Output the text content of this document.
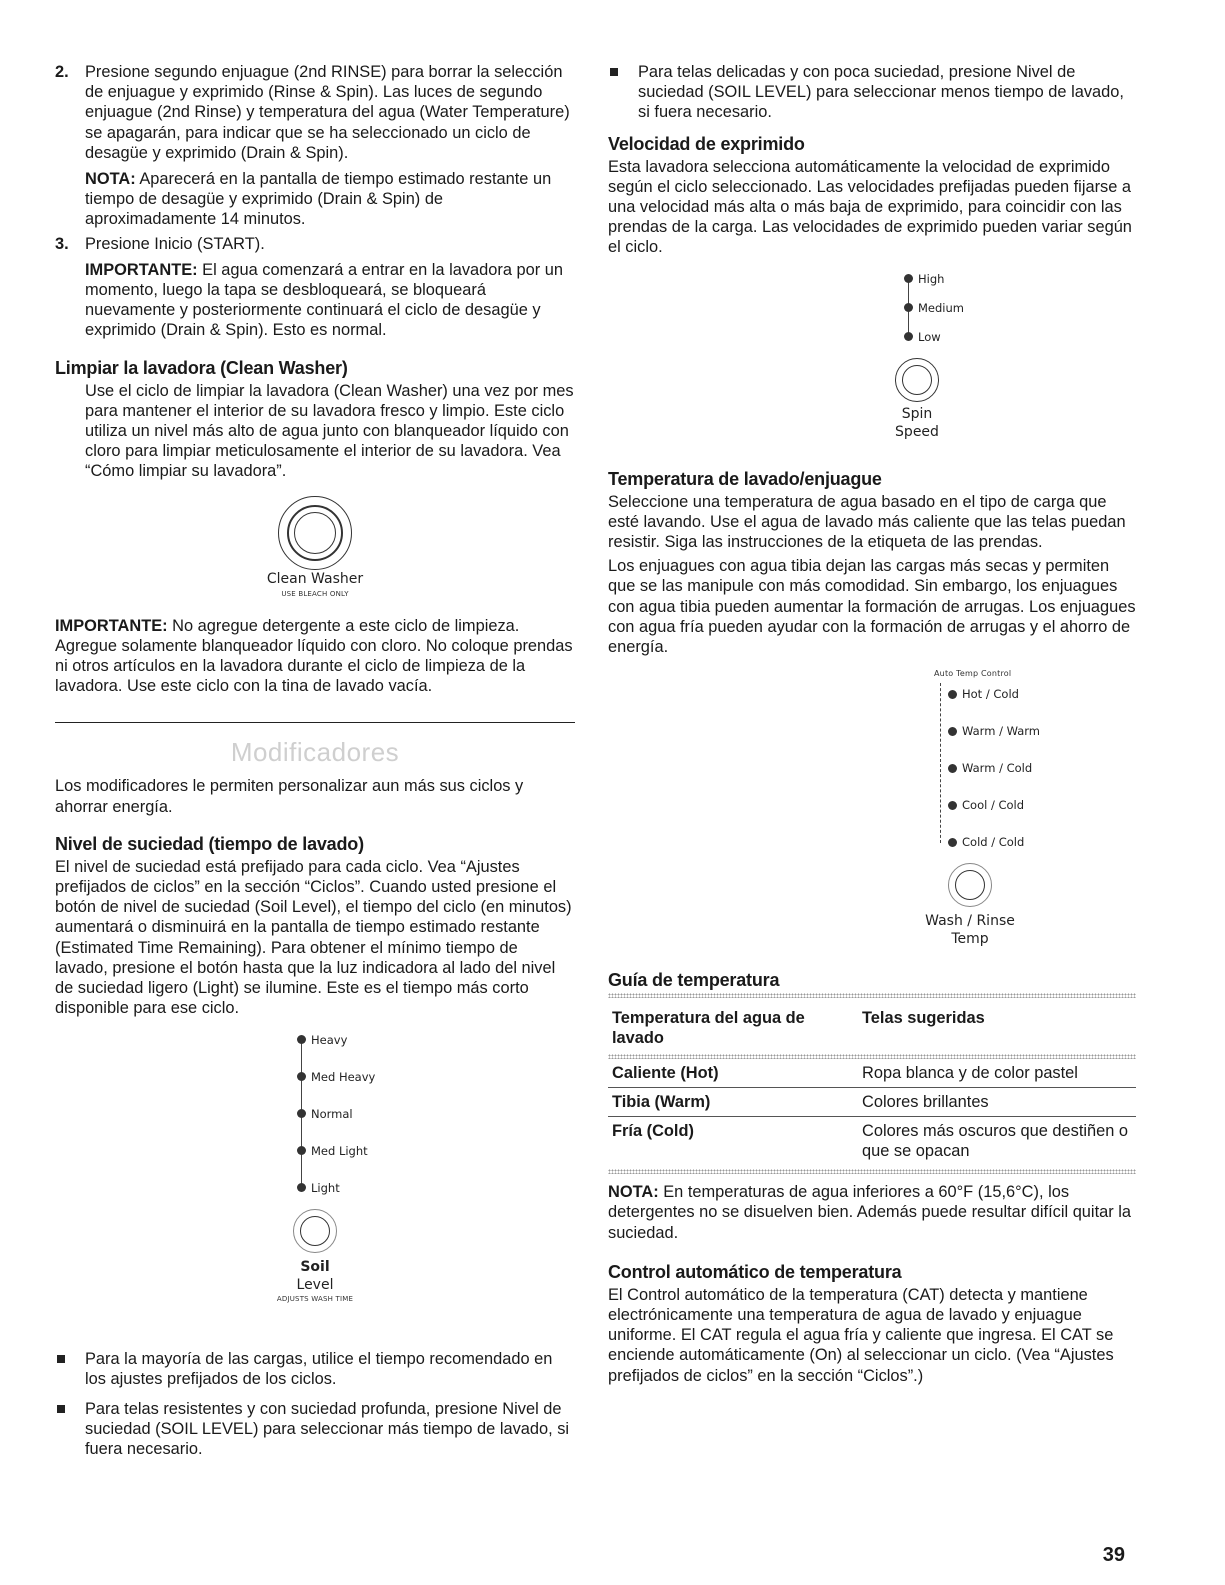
2. Presione segundo enjuague (2nd RINSE) para borrar la selección de enjuague y exprimido (Rinse & Spin). Las luces de segundo enjuague (2nd Rinse) y temperatura del agua (Water Temperature) se apagarán, para indicar que se ha seleccionado un ciclo de desagüe y exprimido (Drain & Spin).

NOTA: Aparecerá en la pantalla de tiempo estimado restante un tiempo de desagüe y exprimido (Drain & Spin) de aproximadamente 14 minutos.

3. Presione Inicio (START).

IMPORTANTE: El agua comenzará a entrar en la lavadora por un momento, luego la tapa se desbloqueará, se bloqueará nuevamente y posteriormente continuará el ciclo de desagüe y exprimido (Drain & Spin). Esto es normal.

Limpiar la lavadora (Clean Washer)

Use el ciclo de limpiar la lavadora (Clean Washer) una vez por mes para mantener el interior de su lavadora fresco y limpio. Este ciclo utiliza un nivel más alto de agua junto con blanqueador líquido con cloro para limpiar meticulosamente el interior de su lavadora. Vea “Cómo limpiar su lavadora”.

Clean Washer
USE BLEACH ONLY

IMPORTANTE: No agregue detergente a este ciclo de limpieza. Agregue solamente blanqueador líquido con cloro. No coloque prendas ni otros artículos en la lavadora durante el ciclo de limpieza de la lavadora. Use este ciclo con la tina de lavado vacía.

Modificadores

Los modificadores le permiten personalizar aun más sus ciclos y ahorrar energía.

Nivel de suciedad (tiempo de lavado)

El nivel de suciedad está prefijado para cada ciclo. Vea “Ajustes prefijados de ciclos” en la sección “Ciclos”. Cuando usted presione el botón de nivel de suciedad (Soil Level), el tiempo del ciclo (en minutos) aumentará o disminuirá en la pantalla de tiempo estimado restante (Estimated Time Remaining). Para obtener el mínimo tiempo de lavado, presione el botón hasta que la luz indicadora al lado del nivel de suciedad ligero (Light) se ilumine. Este es el tiempo más corto disponible para ese ciclo.

Heavy
Med Heavy
Normal
Med Light
Light
Soil
Level
ADJUSTS WASH TIME
Para la mayoría de las cargas, utilice el tiempo recomendado en los ajustes prefijados de los ciclos.
Para telas resistentes y con suciedad profunda, presione Nivel de suciedad (SOIL LEVEL) para seleccionar más tiempo de lavado, si fuera necesario.
Para telas delicadas y con poca suciedad, presione Nivel de suciedad (SOIL LEVEL) para seleccionar menos tiempo de lavado, si fuera necesario.
Velocidad de exprimido

Esta lavadora selecciona automáticamente la velocidad de exprimido según el ciclo seleccionado. Las velocidades prefijadas pueden fijarse a una velocidad más alta o más baja de exprimido, para coincidir con las prendas de la carga. Las velocidades de exprimido pueden variar según el ciclo.

High
Medium
Low
Spin
Speed
Temperatura de lavado/enjuague

Seleccione una temperatura de agua basado en el tipo de carga que esté lavando. Use el agua de lavado más caliente que las telas puedan resistir. Siga las instrucciones de la etiqueta de las prendas.

Los enjuagues con agua tibia dejan las cargas más secas y permiten que se las manipule con más comodidad. Sin embargo, los enjuagues con agua tibia pueden aumentar la formación de arrugas. Los enjuagues con agua fría pueden ayudar con la formación de arrugas y el ahorro de energía.

Auto Temp Control
Hot / Cold
Warm / Warm
Warm / Cold
Cool / Cold
Cold / Cold
Wash / Rinse
Temp
Guía de temperatura
Temperatura del agua de lavado	Telas sugeridas

Caliente (Hot)	Ropa blanca y de color pastel

Tibia (Warm)	Colores brillantes

Fría (Cold)	Colores más oscuros que destiñen o que se opacan

NOTA: En temperaturas de agua inferiores a 60°F (15,6°C), los detergentes no se disuelven bien. Además puede resultar difícil quitar la suciedad.

Control automático de temperatura

El Control automático de la temperatura (CAT) detecta y mantiene electrónicamente una temperatura de agua de lavado y enjuague uniforme. El CAT regula el agua fría y caliente que ingresa. El CAT se enciende automáticamente (On) al seleccionar un ciclo. (Vea “Ajustes prefijados de ciclos” en la sección “Ciclos”.)

39
